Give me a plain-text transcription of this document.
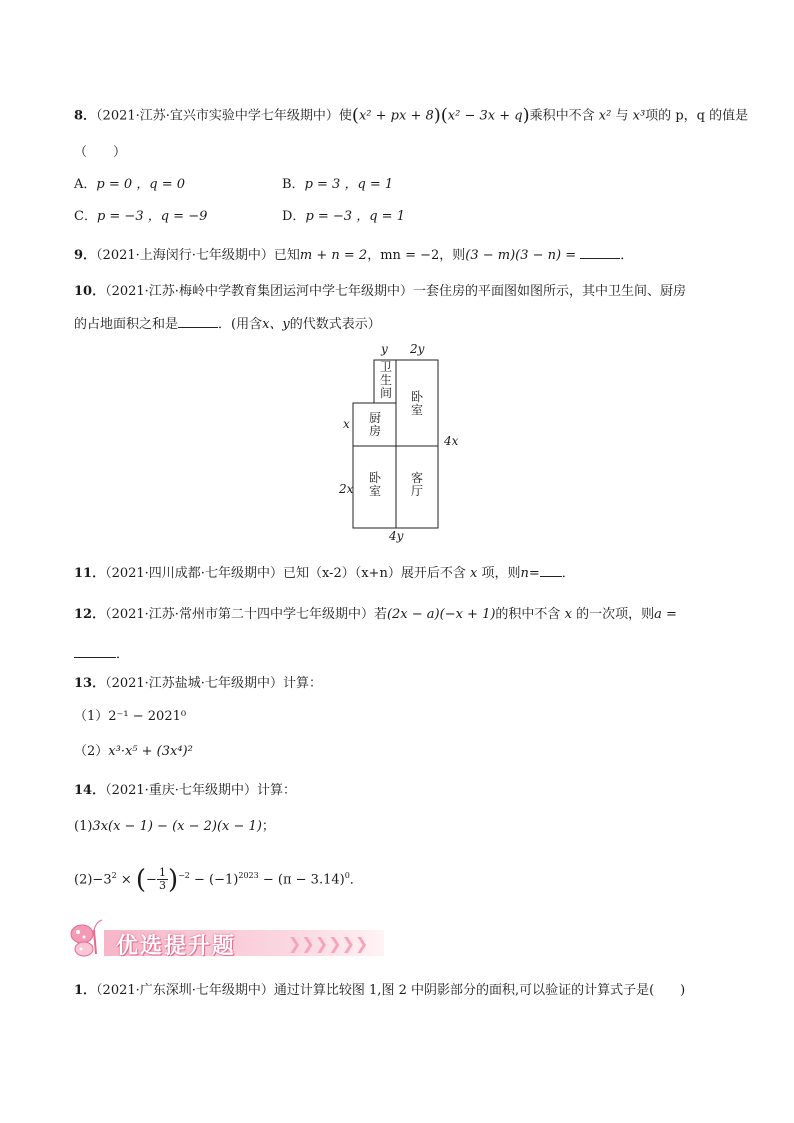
8．（2021·江苏·宜兴市实验中学七年级期中）使(x² + px + 8)(x² − 3x + q)乘积中不含 x² 与 x³项的 p，q 的值是
（　　）
A．p = 0 ，q = 0	B．p = 3 ，q = 1
C．p = −3 ，q = −9	D．p = −3 ，q = 1
9．（2021·上海闵行·七年级期中）已知m + n = 2，mn = −2，则(3 − m)(3 − n) =	．
10．（2021·江苏·梅岭中学教育集团运河中学七年级期中）一套住房的平面图如图所示，其中卫生间、厨房
的占地面积之和是	．(用含x、y的代数式表示）
卫
生
间
厨
房
卧
室
卧
室
客
厅
y 2y
x
2x
4x
4y
11．（2021·四川成都·七年级期中）已知（x-2）（x+n）展开后不含 x 项，则n= ．
12．（2021·江苏·常州市第二十四中学七年级期中）若(2x − a)(−x + 1)的积中不含 x 的一次项，则a =
．
13．（2021·江苏盐城·七年级期中）计算：
（1）2⁻¹ − 2021⁰
（2）x³·x⁵ + (3x⁴)²
14．（2021·重庆·七年级期中）计算：
(1)3x(x − 1) − (x − 2)(x − 1)；
$(2)-3^2$ × (− $\frac{1}{3} )^{-2} - (-1)^{2023} - (\pi - 3.14)^0$．
优选提升题	❯❯❯❯❯❯
1．（2021·广东深圳·七年级期中）通过计算比较图 1,图 2 中阴影部分的面积,可以验证的计算式子是(　　)
